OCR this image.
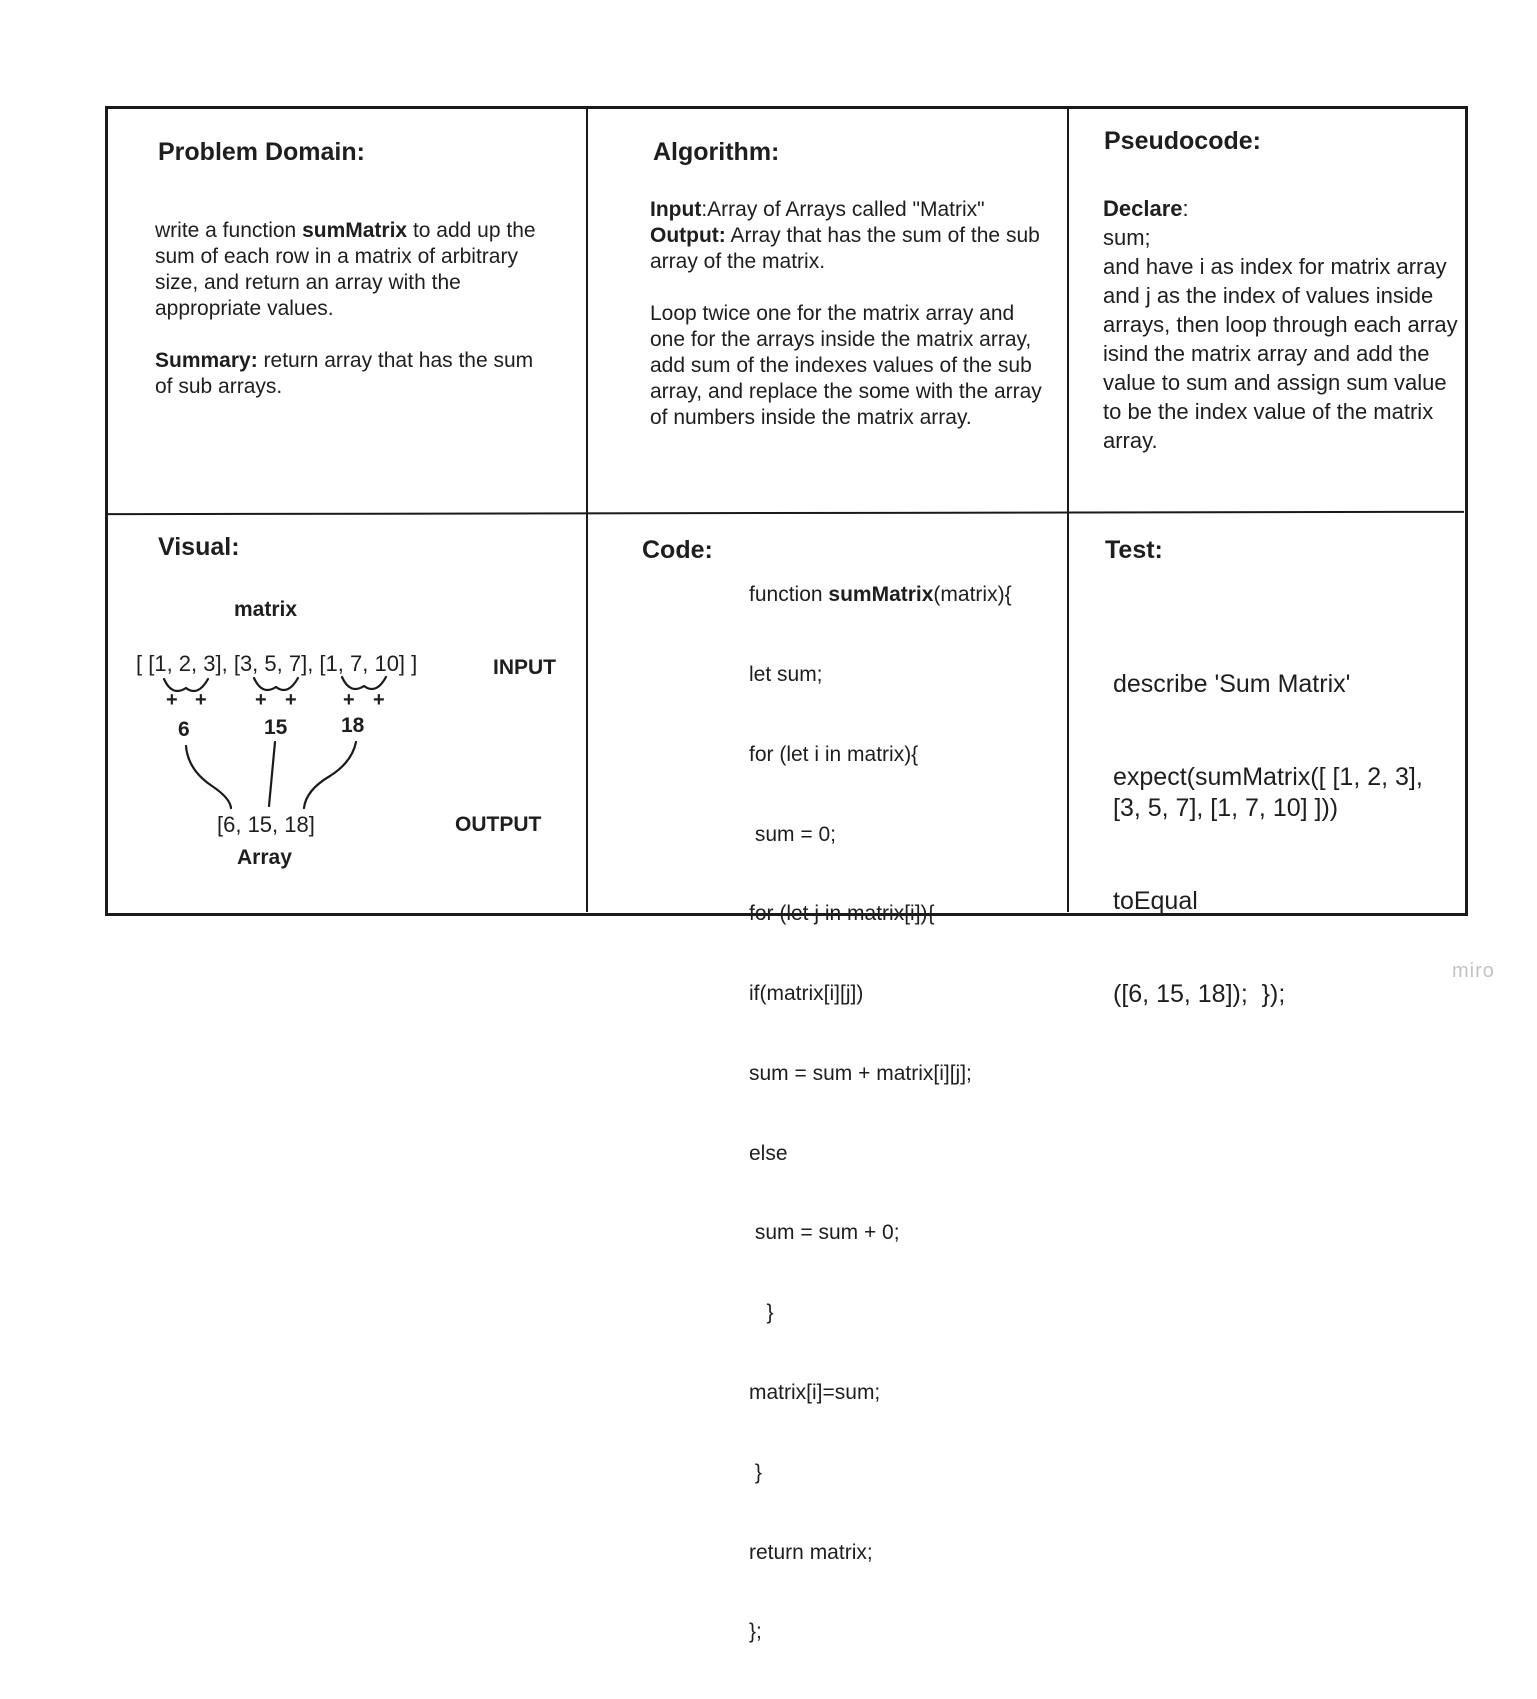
Problem Domain:

write a function sumMatrix to add up the sum of each row in a matrix of arbitrary size, and return an array with the appropriate values.

Summary: return array that has the sum of sub arrays.

Algorithm:

Input:Array of Arrays called "Matrix"

Output: Array that has the sum of the sub array of the matrix.

Loop twice one for the matrix array and one for the arrays inside the matrix array, add sum of the indexes values of the sub array, and replace the some with the array of numbers inside the matrix array.

Pseudocode:

Declare:

sum;

and have i as index for matrix array and j as the index of values inside arrays, then loop through each array isind the matrix array and add the value to sum and assign sum value to be the index value of the matrix array.

Visual:
matrix
[ [1, 2, 3], [3, 5, 7], [1, 7, 10] ]	INPUT
+ + + + + +
6	15	18
[6, 15, 18]	OUTPUT
Array
Code:

function sumMatrix(matrix){

let sum;

for (let i in matrix){

sum = 0;

for (let j in matrix[i]){

if(matrix[i][j])

sum = sum + matrix[i][j];

else

sum = sum + 0;

}

matrix[i]=sum;

}

return matrix;

};

Test:

describe 'Sum Matrix'

expect(sumMatrix([ [1, 2, 3], [3, 5, 7], [1, 7, 10] ]))

toEqual

([6, 15, 18]);  });

miro
